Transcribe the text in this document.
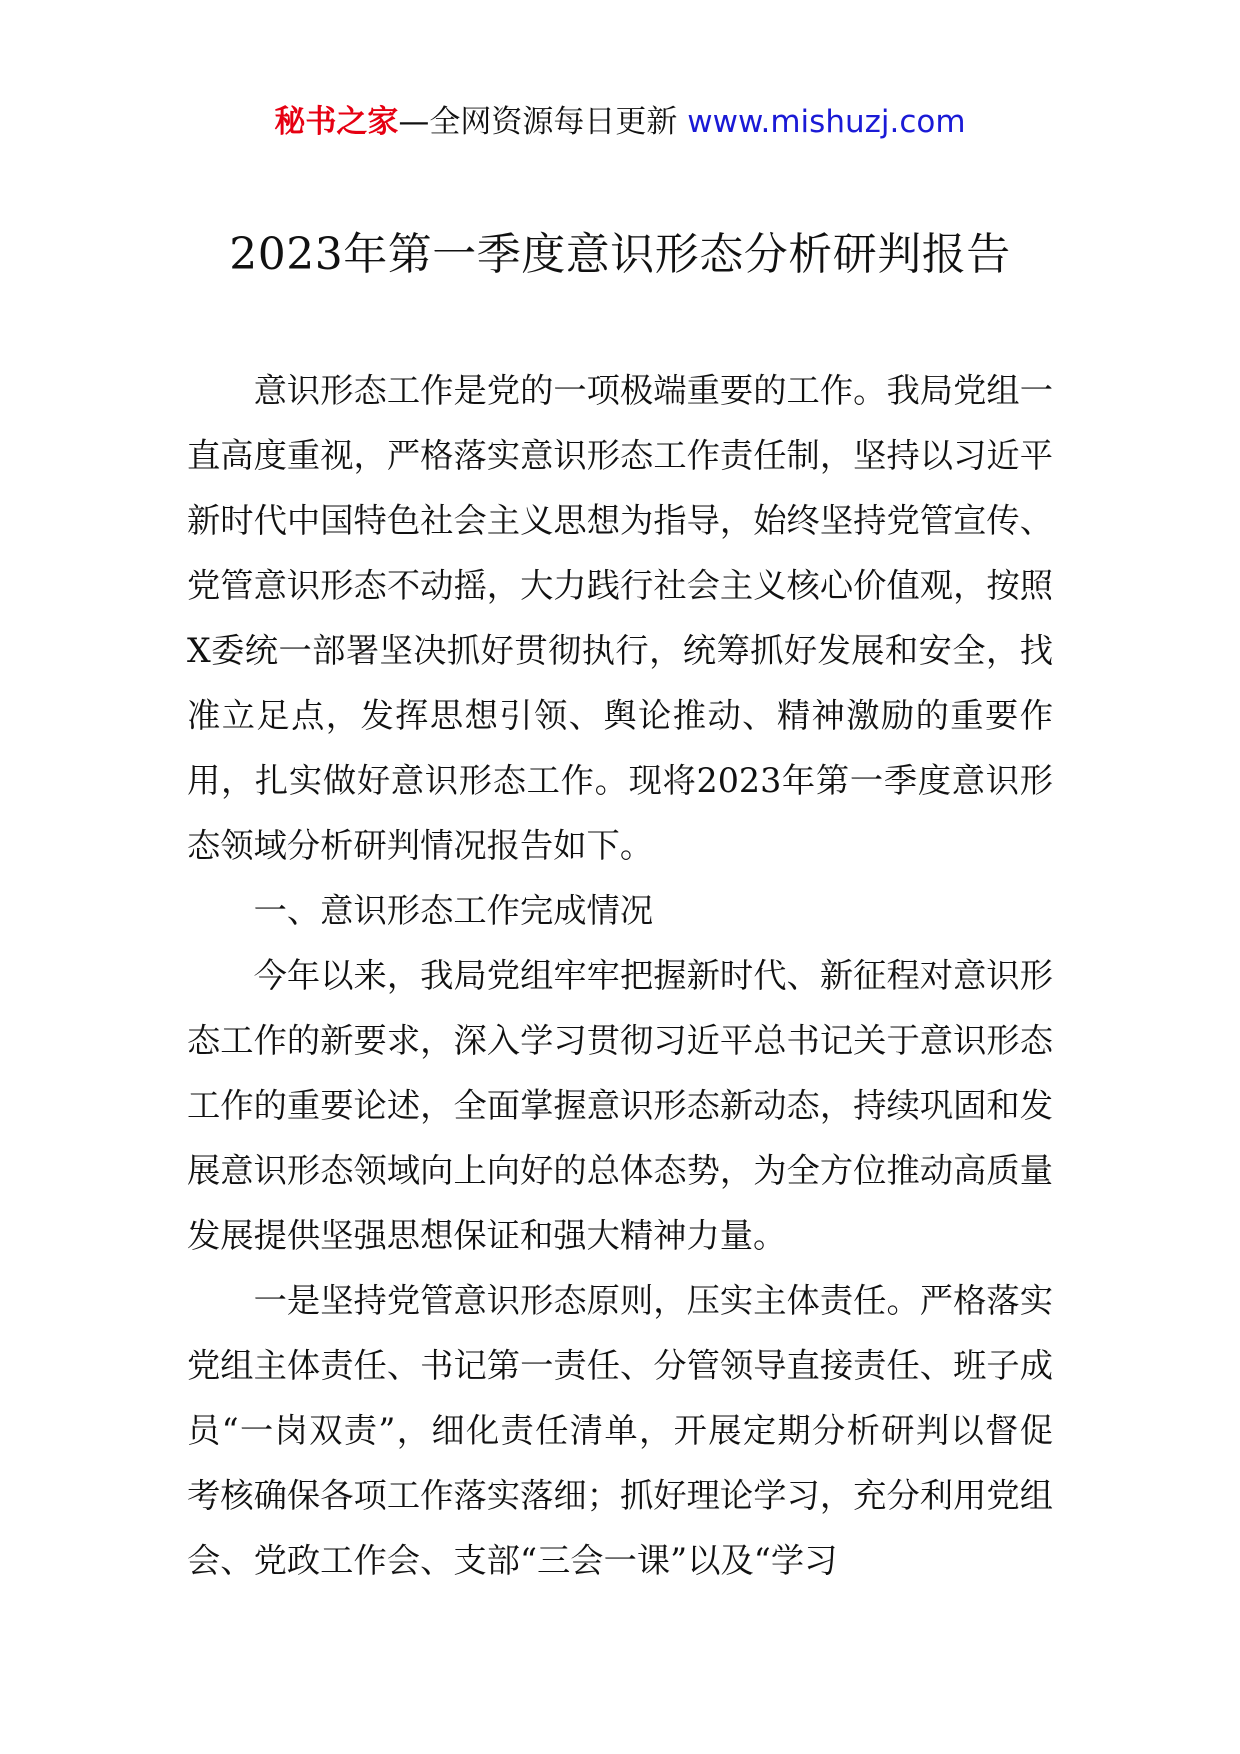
秘书之家—全网资源每日更新 www.mishuzj.com
2023年第一季度意识形态分析研判报告

意识形态工作是党的一项极端重要的工作。我局党组一直高度重视，严格落实意识形态工作责任制，坚持以习近平新时代中国特色社会主义思想为指导，始终坚持党管宣传、党管意识形态不动摇，大力践行社会主义核心价值观，按照X委统一部署坚决抓好贯彻执行，统筹抓好发展和安全，找准立足点，发挥思想引领、舆论推动、精神激励的重要作用，扎实做好意识形态工作。现将2023年第一季度意识形态领域分析研判情况报告如下。

一、意识形态工作完成情况

今年以来，我局党组牢牢把握新时代、新征程对意识形态工作的新要求，深入学习贯彻习近平总书记关于意识形态工作的重要论述，全面掌握意识形态新动态，持续巩固和发展意识形态领域向上向好的总体态势，为全方位推动高质量发展提供坚强思想保证和强大精神力量。

一是坚持党管意识形态原则，压实主体责任。严格落实党组主体责任、书记第一责任、分管领导直接责任、班子成员“一岗双责”，细化责任清单，开展定期分析研判以督促考核确保各项工作落实落细；抓好理论学习，充分利用党组会、党政工作会、支部“三会一课”以及“学习
